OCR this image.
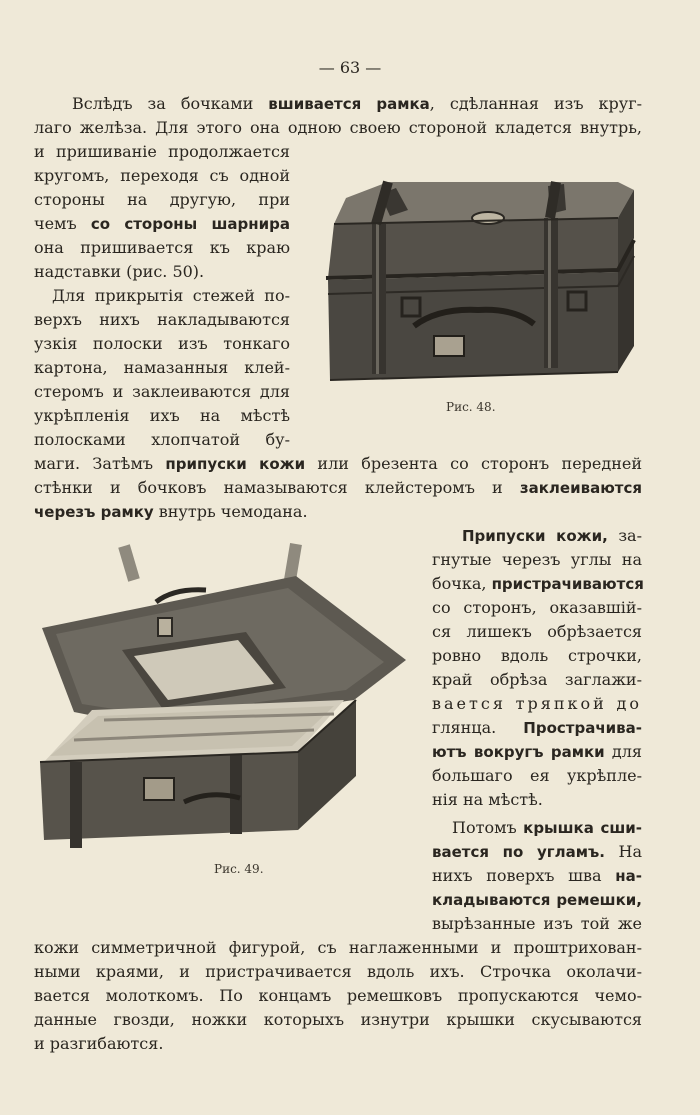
— 63 —
Вслѣдъ за бочками вшивается рамка, сдѣланная изъ круг-
лаго желѣза. Для этого она одною своею стороной кладется внутрь,
и пришиваніе продолжается
кругомъ, переходя съ одной
стороны на другую, при
чемъ со стороны шарнира
она пришивается къ краю
надставки (рис. 50).
Для прикрытія стежей по-
верхъ нихъ накладываются
узкія полоски изъ тонкаго
картона, намазанныя клей-
стеромъ и заклеиваются для
укрѣпленія ихъ на мѣстѣ
полосками хлопчатой бу-
маги. Затѣмъ припуски кожи или брезента со сторонъ передней
стѣнки и бочковъ намазываются клейстеромъ и заклеиваются
черезъ рамку внутрь чемодана.
Припуски кожи, за-
гнутые черезъ углы на
бочка, пристрачиваются
со сторонъ, оказавшій-
ся лишекъ обрѣзается
ровно вдоль строчки,
край обрѣза заглажи-
вается тряпкой до
глянца. Прострачива-
ютъ вокругъ рамки для
большаго ея укрѣпле-
нія на мѣстѣ.
Потомъ крышка сши-
вается по угламъ. На
нихъ поверхъ шва на-
кладываются ремешки,
вырѣзанные изъ той же
кожи симметричной фигурой, съ наглаженными и проштрихован-
ными краями, и пристрачивается вдоль ихъ. Строчка околачи-
вается молоткомъ. По концамъ ремешковъ пропускаются чемо-
данные гвозди, ножки которыхъ изнутри крышки скусываются
и разгибаются.
Рис. 48.
Рис. 49.
